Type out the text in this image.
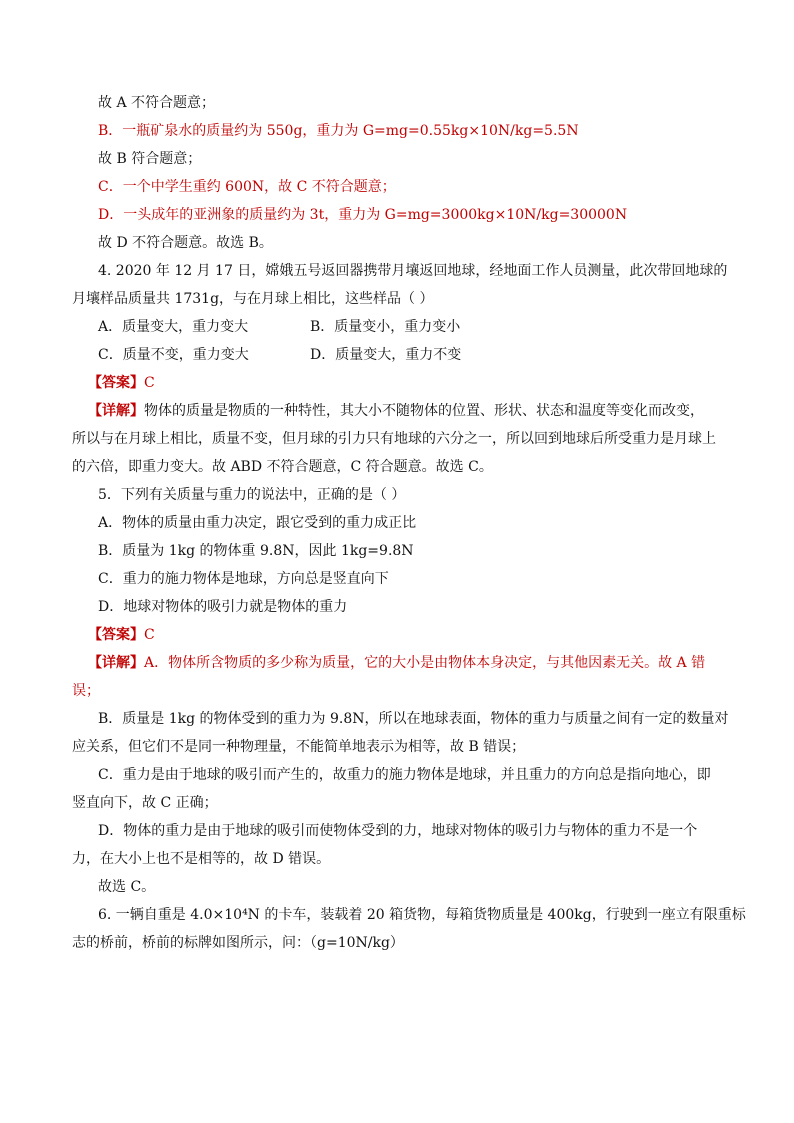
故 A 不符合题意；
B．一瓶矿泉水的质量约为 550g，重力为 G=mg=0.55kg×10N/kg=5.5N
故 B 符合题意；
C．一个中学生重约 600N，故 C 不符合题意；
D．一头成年的亚洲象的质量约为 3t，重力为 G=mg=3000kg×10N/kg=30000N
故 D 不符合题意。故选 B。
4. 2020 年 12 月 17 日，嫦娥五号返回器携带月壤返回地球，经地面工作人员测量，此次带回地球的
月壤样品质量共 1731g，与在月球上相比，这些样品（ ）
A．质量变大，重力变大	B．质量变小，重力变小
C．质量不变，重力变大	D．质量变大，重力不变
【答案】C
【详解】物体的质量是物质的一种特性，其大小不随物体的位置、形状、状态和温度等变化而改变，
所以与在月球上相比，质量不变，但月球的引力只有地球的六分之一，所以回到地球后所受重力是月球上
的六倍，即重力变大。故 ABD 不符合题意，C 符合题意。故选 C。
5．下列有关质量与重力的说法中，正确的是（ ）
A．物体的质量由重力决定，跟它受到的重力成正比
B．质量为 1kg 的物体重 9.8N，因此 1kg=9.8N
C．重力的施力物体是地球，方向总是竖直向下
D．地球对物体的吸引力就是物体的重力
【答案】C
【详解】A．物体所含物质的多少称为质量，它的大小是由物体本身决定，与其他因素无关。故 A 错
误；
B．质量是 1kg 的物体受到的重力为 9.8N，所以在地球表面，物体的重力与质量之间有一定的数量对
应关系，但它们不是同一种物理量，不能简单地表示为相等，故 B 错误；
C．重力是由于地球的吸引而产生的，故重力的施力物体是地球，并且重力的方向总是指向地心，即
竖直向下，故 C 正确；
D．物体的重力是由于地球的吸引而使物体受到的力，地球对物体的吸引力与物体的重力不是一个
力，在大小上也不是相等的，故 D 错误。
故选 C。
6. 一辆自重是 4.0×10⁴N 的卡车，装载着 20 箱货物，每箱货物质量是 400kg，行驶到一座立有限重标
志的桥前，桥前的标牌如图所示，问：（g=10N/kg）
